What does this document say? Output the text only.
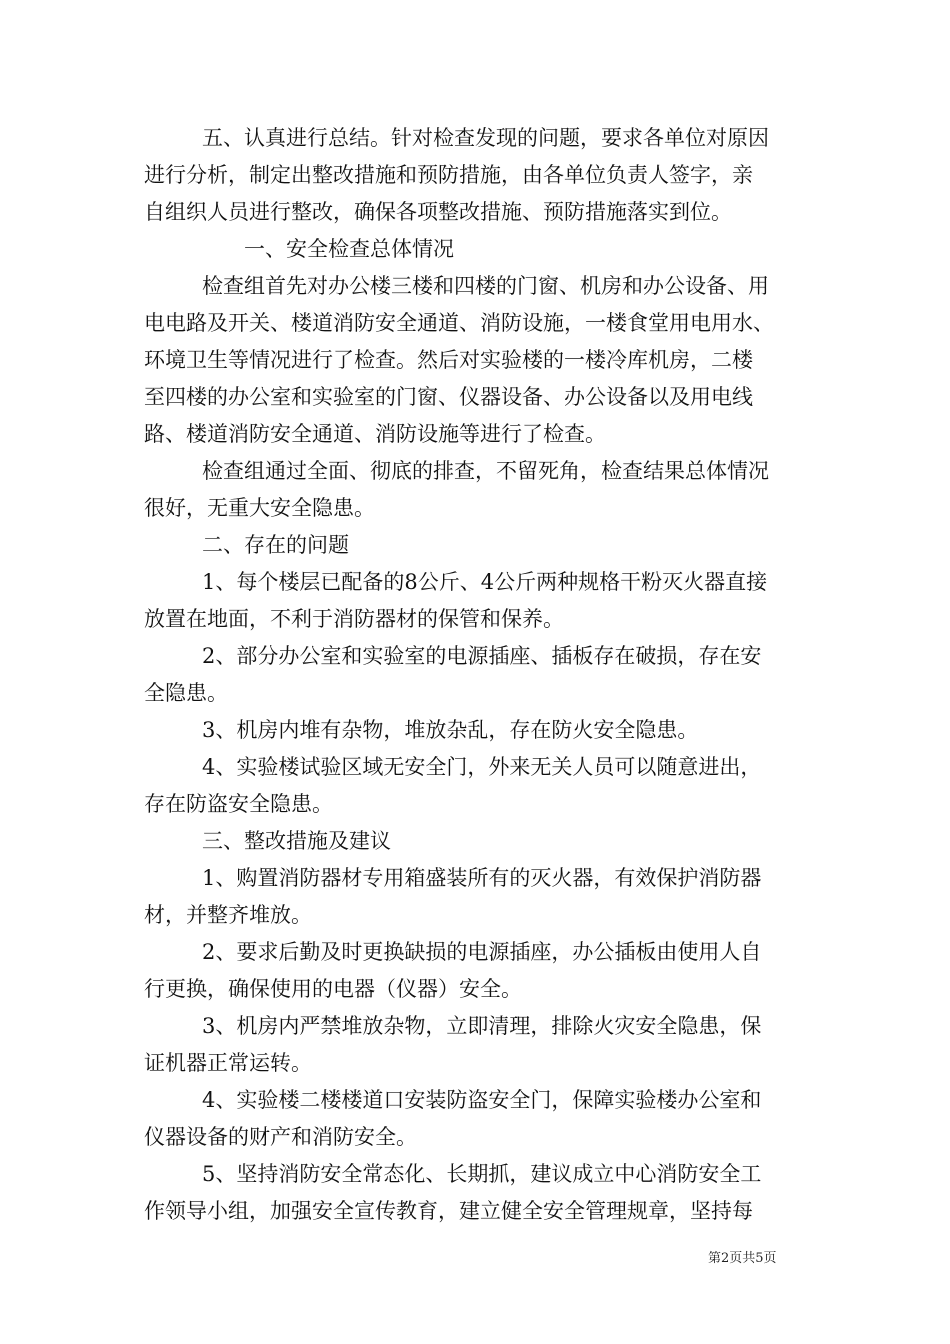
五、认真进行总结。针对检查发现的问题，要求各单位对原因
进行分析，制定出整改措施和预防措施，由各单位负责人签字，亲
自组织人员进行整改，确保各项整改措施、预防措施落实到位。
一、安全检查总体情况
检查组首先对办公楼三楼和四楼的门窗、机房和办公设备、用
电电路及开关、楼道消防安全通道、消防设施，一楼食堂用电用水、
环境卫生等情况进行了检查。然后对实验楼的一楼冷库机房，二楼
至四楼的办公室和实验室的门窗、仪器设备、办公设备以及用电线
路、楼道消防安全通道、消防设施等进行了检查。
检查组通过全面、彻底的排查，不留死角，检查结果总体情况
很好，无重大安全隐患。
二、存在的问题
1、每个楼层已配备的8公斤、4公斤两种规格干粉灭火器直接
放置在地面，不利于消防器材的保管和保养。
2、部分办公室和实验室的电源插座、插板存在破损，存在安
全隐患。
3、机房内堆有杂物，堆放杂乱，存在防火安全隐患。
4、实验楼试验区域无安全门，外来无关人员可以随意进出，
存在防盗安全隐患。
三、整改措施及建议
1、购置消防器材专用箱盛装所有的灭火器，有效保护消防器
材，并整齐堆放。
2、要求后勤及时更换缺损的电源插座，办公插板由使用人自
行更换，确保使用的电器（仪器）安全。
3、机房内严禁堆放杂物，立即清理，排除火灾安全隐患，保
证机器正常运转。
4、实验楼二楼楼道口安装防盗安全门，保障实验楼办公室和
仪器设备的财产和消防安全。
5、坚持消防安全常态化、长期抓，建议成立中心消防安全工
作领导小组，加强安全宣传教育，建立健全安全管理规章，坚持每
第2页共5页
